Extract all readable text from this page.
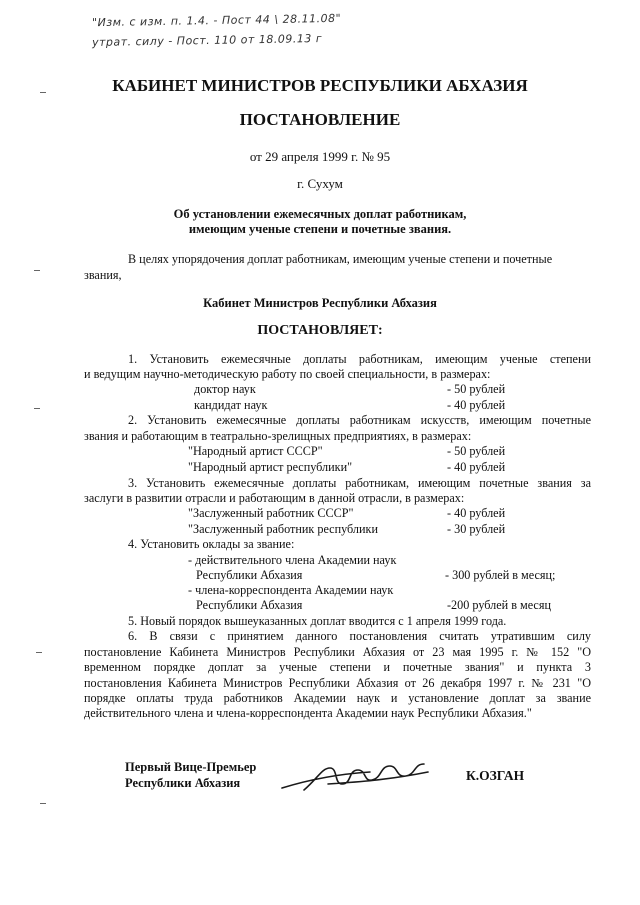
"Изм. с изм. п. 1.4. - Пост 44 \ 28.11.08"
утрат. силу - Пост. 110 от 18.09.13 г
КАБИНЕТ МИНИСТРОВ РЕСПУБЛИКИ АБХАЗИЯ
ПОСТАНОВЛЕНИЕ
от 29 апреля 1999 г. № 95
г. Сухум
Об установлении ежемесячных доплат работникам,
имеющим ученые степени и почетные звания.
В целях упорядочения доплат работникам, имеющим ученые степени и почетные
звания,
Кабинет Министров Республики Абхазия
ПОСТАНОВЛЯЕТ:
1. Установить ежемесячные доплаты работникам, имеющим ученые степени
и ведущим научно-методическую работу по своей специальности, в размерах:
доктор наук	- 50 рублей
кандидат наук	- 40 рублей
2. Установить ежемесячные доплаты работникам искусств, имеющим почетные
звания и работающим в театрально-зрелищных предприятиях, в размерах:
"Народный артист СССР"	- 50 рублей
"Народный артист республики"	- 40 рублей
3. Установить ежемесячные доплаты работникам, имеющим почетные звания за
заслуги в развитии отрасли и работающим в данной отрасли, в размерах:
"Заслуженный работник СССР"	- 40 рублей
"Заслуженный работник республики	- 30 рублей
4. Установить оклады за звание:
- действительного члена Академии наук
Республики Абхазия	- 300 рублей в месяц;
- члена-корреспондента Академии наук
Республики Абхазия	-200 рублей в месяц
5. Новый порядок вышеуказанных доплат вводится с 1 апреля 1999 года.
6. В связи с принятием данного постановления считать утратившим силу
постановление Кабинета Министров Республики Абхазия от 23 мая 1995 г. № 152 "О
временном порядке доплат за ученые степени и почетные звания" и пункта 3
постановления Кабинета Министров Республики Абхазия от 26 декабря 1997 г. № 231 "О
порядке оплаты труда работников Академии наук и установление доплат за звание
действительного члена и члена-корреспондента Академии наук Республики Абхазия."
Первый Вице-Премьер
Республики Абхазия	К.ОЗГАН
